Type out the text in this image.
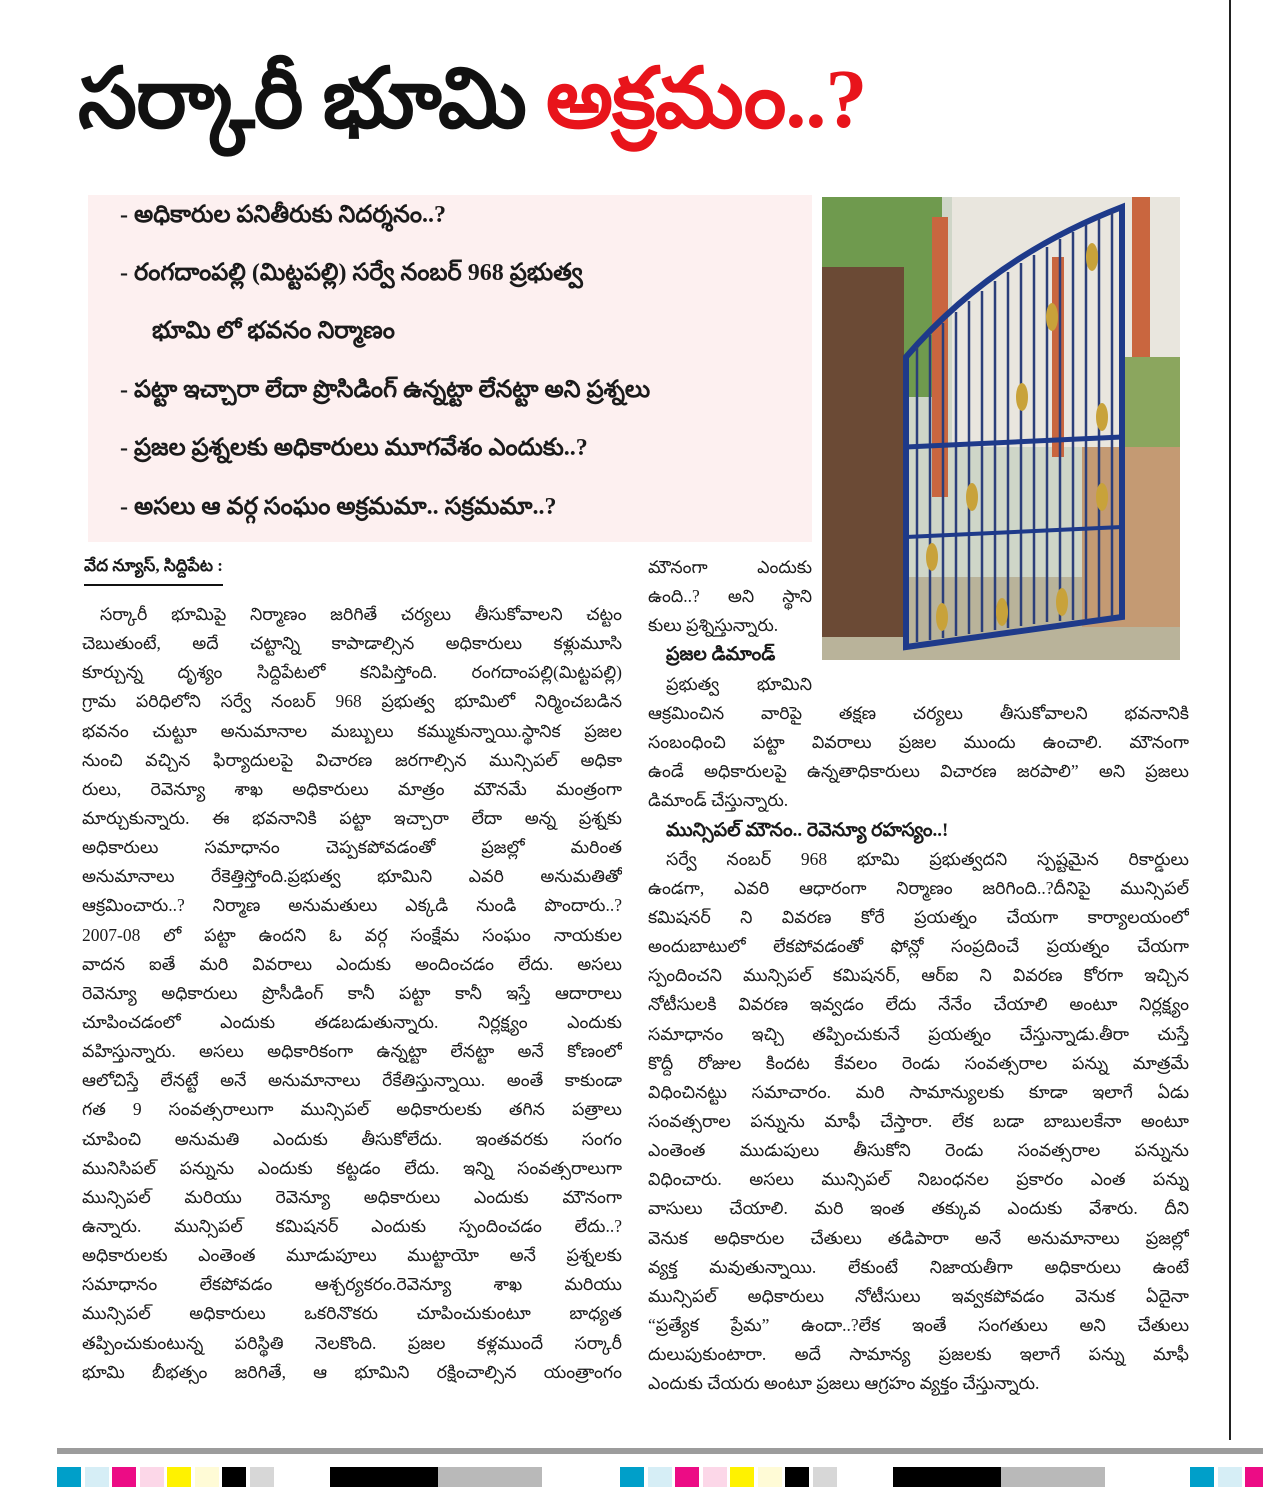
సర్కారీ భూమి అక్రమం..?
- అధికారుల పనితీరుకు నిదర్శనం..?
- రంగదాంపల్లి (మిట్టపల్లి) సర్వే నంబర్ 968 ప్రభుత్వ
భూమి లో భవనం నిర్మాణం
- పట్టా ఇచ్చారా లేదా ప్రొసిడింగ్ ఉన్నట్టా లేనట్టా అని ప్రశ్నలు
- ప్రజల ప్రశ్నలకు అధికారులు మూగవేశం ఎందుకు..?
- అసలు ఆ వర్గ సంఘం అక్రమమా.. సక్రమమా..?
వేద న్యూస్, సిద్దిపేట :
సర్కారీ భూమిపై నిర్మాణం జరిగితే చర్యలు తీసుకోవాలని చట్టం
చెబుతుంటే, అదే చట్టాన్ని కాపాడాల్సిన అధికారులు కళ్లుమూసి
కూర్చున్న దృశ్యం సిద్దిపేటలో కనిపిస్తోంది. రంగదాంపల్లి(మిట్టపల్లి)
గ్రామ పరిధిలోని సర్వే నంబర్ 968 ప్రభుత్వ భూమిలో నిర్మించబడిన
భవనం చుట్టూ అనుమానాల మబ్బులు కమ్ముకున్నాయి.స్థానిక ప్రజల
నుంచి వచ్చిన ఫిర్యాదులపై విచారణ జరగాల్సిన మున్సిపల్ అధికా
రులు, రెవెన్యూ శాఖ అధికారులు మాత్రం మౌనమే మంత్రంగా
మార్చుకున్నారు. ఈ భవనానికి పట్టా ఇచ్చారా లేదా అన్న ప్రశ్నకు
అధికారులు సమాధానం చెప్పకపోవడంతో ప్రజల్లో మరింత
అనుమానాలు రేకెత్తిస్తోంది.ప్రభుత్వ భూమిని ఎవరి అనుమతితో
ఆక్రమించారు..? నిర్మాణ అనుమతులు ఎక్కడి నుండి పొందారు..?
2007-08 లో పట్టా ఉందని ఓ వర్గ సంక్షేమ సంఘం నాయకుల
వాదన ఐతే మరి వివరాలు ఎందుకు అందించడం లేదు. అసలు
రెవెన్యూ అధికారులు ప్రొసీడింగ్ కానీ పట్టా కానీ ఇస్తే ఆదారాలు
చూపించడంలో ఎందుకు తడబడుతున్నారు. నిర్లక్ష్యం ఎందుకు
వహిస్తున్నారు. అసలు అధికారికంగా ఉన్నట్టా లేనట్టా అనే కోణంలో
ఆలోచిస్తే లేనట్టే అనే అనుమానాలు రేకేతిస్తున్నాయి. అంతే కాకుండా
గత 9 సంవత్సరాలుగా మున్సిపల్ అధికారులకు తగిన పత్రాలు
చూపించి అనుమతి ఎందుకు తీసుకోలేదు. ఇంతవరకు సంగం
మునిసిపల్ పన్నును ఎందుకు కట్టడం లేదు. ఇన్ని సంవత్సరాలుగా
మున్సిపల్ మరియు రెవెన్యూ అధికారులు ఎందుకు మౌనంగా
ఉన్నారు. మున్సిపల్ కమిషనర్ ఎందుకు స్పందించడం లేదు..?
అధికారులకు ఎంతెంత మూడుపూలు ముట్టాయో అనే ప్రశ్నలకు
సమాధానం లేకపోవడం ఆశ్చర్యకరం.రెవెన్యూ శాఖ మరియు
మున్సిపల్ అధికారులు ఒకరినొకరు చూపించుకుంటూ బాధ్యత
తప్పించుకుంటున్న పరిస్థితి నెలకొంది. ప్రజల కళ్లముందే సర్కారీ
భూమి బీభత్సం జరిగితే, ఆ భూమిని రక్షించాల్సిన యంత్రాంగం
మౌనంగా ఎందుకు
ఉంది..? అని స్థాని
కులు ప్రశ్నిస్తున్నారు.
ప్రజల డిమాండ్
ప్రభుత్వ భూమిని
ఆక్రమించిన వారిపై తక్షణ చర్యలు తీసుకోవాలని భవనానికి
సంబంధించి పట్టా వివరాలు ప్రజల ముందు ఉంచాలి. మౌనంగా
ఉండే అధికారులపై ఉన్నతాధికారులు విచారణ జరపాలి” అని ప్రజలు
డిమాండ్ చేస్తున్నారు.
మున్సిపల్ మౌనం.. రెవెన్యూ రహస్యం..!
సర్వే నంబర్ 968 భూమి ప్రభుత్వదని స్పష్టమైన రికార్డులు
ఉండగా, ఎవరి ఆధారంగా నిర్మాణం జరిగింది..?దీనిపై మున్సిపల్
కమిషనర్ ని వివరణ కోరే ప్రయత్నం చేయగా కార్యాలయంలో
అందుబాటులో లేకపోవడంతో ఫోన్లో సంప్రదించే ప్రయత్నం చేయగా
స్పందించని మున్సిపల్ కమిషనర్, ఆర్ఐ ని వివరణ కోరగా ఇచ్చిన
నోటీసులకి వివరణ ఇవ్వడం లేదు నేనేం చేయాలి అంటూ నిర్లక్ష్యం
సమాధానం ఇచ్చి తప్పించుకునే ప్రయత్నం చేస్తున్నాడు.తీరా చుస్తే
కొద్దీ రోజుల కిందట కేవలం రెండు సంవత్సరాల పన్ను మాత్రమే
విధించినట్టు సమాచారం. మరి సామాన్యులకు కూడా ఇలాగే ఏడు
సంవత్సరాల పన్నును మాఫీ చేస్తారా. లేక బడా బాబులకేనా అంటూ
ఎంతెంత ముడుపులు తీసుకోని రెండు సంవత్సరాల పన్నును
విధించారు. అసలు మున్సిపల్ నిబంధనల ప్రకారం ఎంత పన్ను
వాసులు చేయాలి. మరి ఇంత తక్కువ ఎందుకు వేశారు. దీని
వెనుక అధికారుల చేతులు తడిపారా అనే అనుమానాలు ప్రజల్లో
వ్యక్త మవుతున్నాయి. లేకుంటే నిజాయతీగా అధికారులు ఉంటే
మున్సిపల్ అధికారులు నోటీసులు ఇవ్వకపోవడం వెనుక ఏదైనా
“ప్రత్యేక ప్రేమ” ఉందా..?లేక ఇంతే సంగతులు అని చేతులు
దులుపుకుంటారా. అదే సామాన్య ప్రజలకు ఇలాగే పన్ను మాఫీ
ఎందుకు చేయరు అంటూ ప్రజలు ఆగ్రహం వ్యక్తం చేస్తున్నారు.
